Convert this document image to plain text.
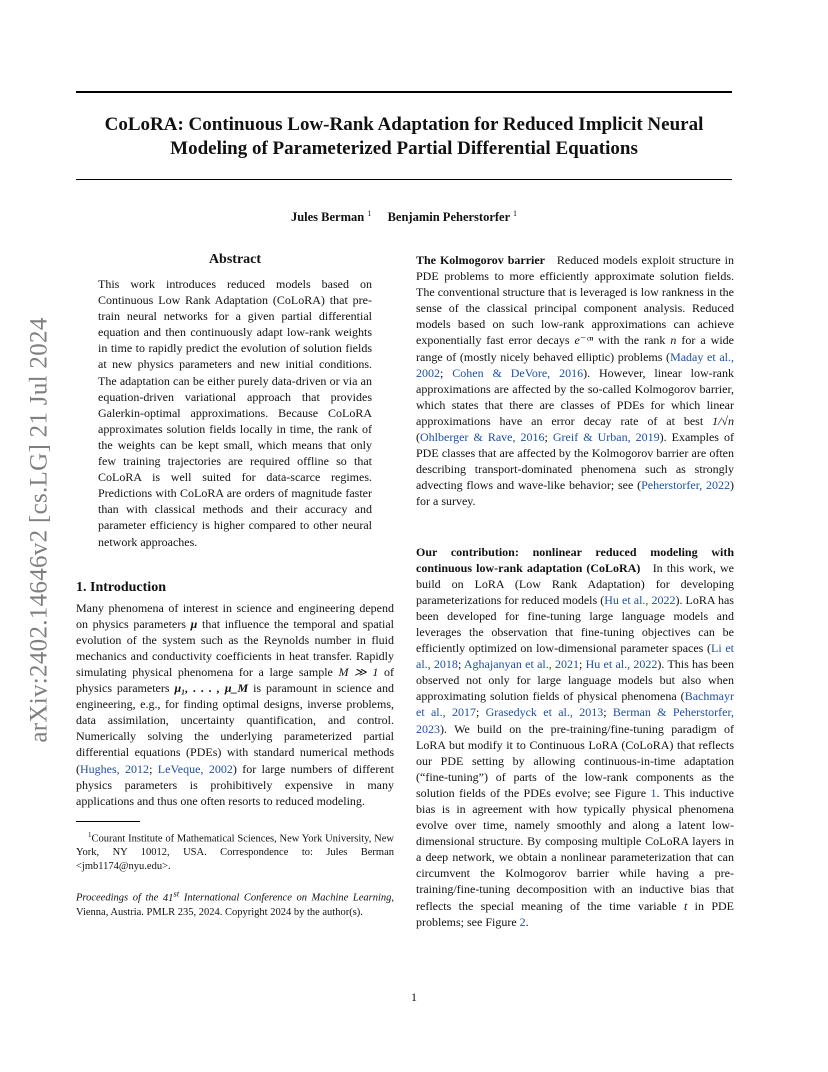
CoLoRA: Continuous Low-Rank Adaptation for Reduced Implicit Neural Modeling of Parameterized Partial Differential Equations
Jules Berman $^1$ Benjamin Peherstorfer $^1$
arXiv:2402.14646v2 [cs.LG] 21 Jul 2024
Abstract

This work introduces reduced models based on Continuous Low Rank Adaptation (CoLoRA) that pre-train neural networks for a given partial differential equation and then continuously adapt low-rank weights in time to rapidly predict the evolution of solution fields at new physics parameters and new initial conditions. The adaptation can be either purely data-driven or via an equation-driven variational approach that provides Galerkin-optimal approximations. Because CoLoRA approximates solution fields locally in time, the rank of the weights can be kept small, which means that only few training trajectories are required offline so that CoLoRA is well suited for data-scarce regimes. Predictions with CoLoRA are orders of magnitude faster than with classical methods and their accuracy and parameter efficiency is higher compared to other neural network approaches.

1. Introduction

Many phenomena of interest in science and engineering depend on physics parameters μ that influence the temporal and spatial evolution of the system such as the Reynolds number in fluid mechanics and conductivity coefficients in heat transfer. Rapidly simulating physical phenomena for a large sample M ≫ 1 of physics parameters μ₁, . . . , μ_M is paramount in science and engineering, e.g., for finding optimal designs, inverse problems, data assimilation, uncertainty quantification, and control. Numerically solving the underlying parameterized partial differential equations (PDEs) with standard numerical methods (Hughes, 2012; LeVeque, 2002) for large numbers of different physics parameters is prohibitively expensive in many applications and thus one often resorts to reduced modeling.

$^1$Courant Institute of Mathematical Sciences, New York University, New York, NY 10012, USA. Correspondence to: Jules Berman <jmb1174@nyu.edu>.

Proceedings of the 41st International Conference on Machine Learning, Vienna, Austria. PMLR 235, 2024. Copyright 2024 by the author(s).

The Kolmogorov barrier Reduced models exploit structure in PDE problems to more efficiently approximate solution fields. The conventional structure that is leveraged is low rankness in the sense of the classical principal component analysis. Reduced models based on such low-rank approximations can achieve exponentially fast error decays e⁻ᶜⁿ with the rank n for a wide range of (mostly nicely behaved elliptic) problems (Maday et al., 2002; Cohen & DeVore, 2016). However, linear low-rank approximations are affected by the so-called Kolmogorov barrier, which states that there are classes of PDEs for which linear approximations have an error decay rate of at best 1/√n (Ohlberger & Rave, 2016; Greif & Urban, 2019). Examples of PDE classes that are affected by the Kolmogorov barrier are often describing transport-dominated phenomena such as strongly advecting flows and wave-like behavior; see (Peherstorfer, 2022) for a survey.

Our contribution: nonlinear reduced modeling with continuous low-rank adaptation (CoLoRA) In this work, we build on LoRA (Low Rank Adaptation) for developing parameterizations for reduced models (Hu et al., 2022). LoRA has been developed for fine-tuning large language models and leverages the observation that fine-tuning objectives can be efficiently optimized on low-dimensional parameter spaces (Li et al., 2018; Aghajanyan et al., 2021; Hu et al., 2022). This has been observed not only for large language models but also when approximating solution fields of physical phenomena (Bachmayr et al., 2017; Grasedyck et al., 2013; Berman & Peherstorfer, 2023). We build on the pre-training/fine-tuning paradigm of LoRA but modify it to Continuous LoRA (CoLoRA) that reflects our PDE setting by allowing continuous-in-time adaptation (“fine-tuning”) of parts of the low-rank components as the solution fields of the PDEs evolve; see Figure 1. This inductive bias is in agreement with how typically physical phenomena evolve over time, namely smoothly and along a latent low-dimensional structure. By composing multiple CoLoRA layers in a deep network, we obtain a nonlinear parameterization that can circumvent the Kolmogorov barrier while having a pre-training/fine-tuning decomposition with an inductive bias that reflects the special meaning of the time variable t in PDE problems; see Figure 2.

1
